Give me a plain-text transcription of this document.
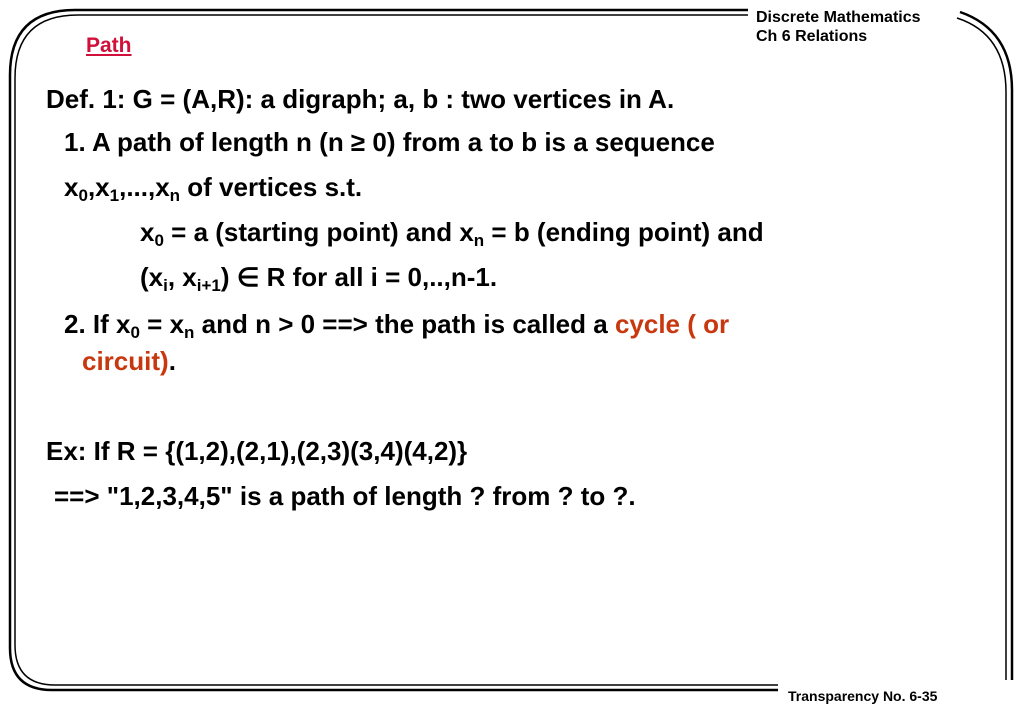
Discrete Mathematics
Ch 6 Relations
Path
Def. 1: G = (A,R): a digraph; a, b : two vertices in A.
1. A path of length n (n ≥ 0) from a to b is a sequence
$x_0,x_1,...,x_n$ of vertices s.t.
$x_0 = a$ (starting point) and $x_n = b$ (ending point) and
($x_i$, $x_{i+1}$) ∈ R for all i = 0,..,n-1.
2. If $x_0 = x_n$ and n > 0 ==> the path is called a cycle ( or
circuit).
Ex: If R = {(1,2),(2,1),(2,3)(3,4)(4,2)}
==> "1,2,3,4,5" is a path of length ? from ? to ?.
Transparency No. 6-35
